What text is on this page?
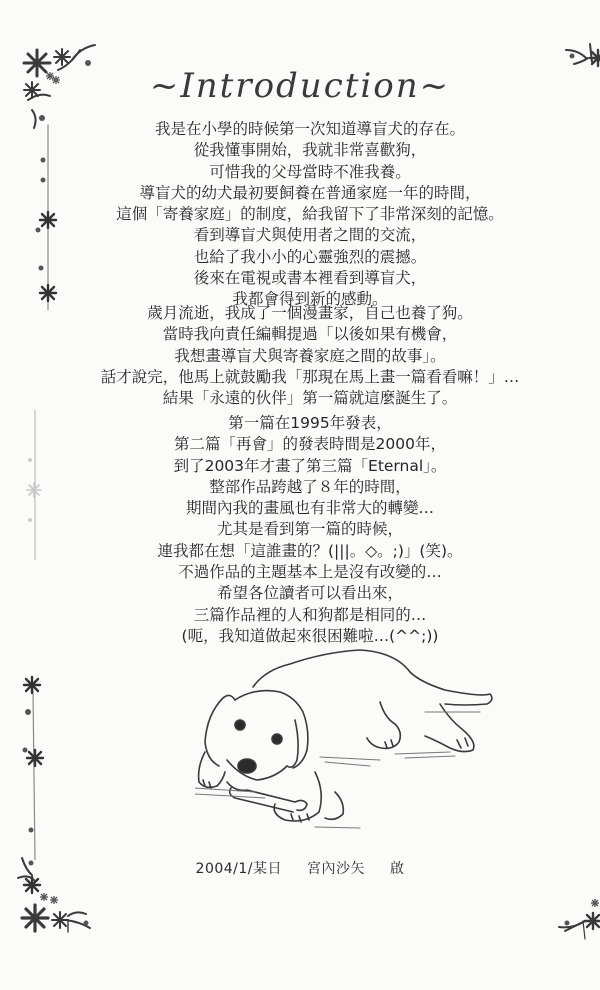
~Introduction~
我是在小學的時候第一次知道導盲犬的存在。
從我懂事開始，我就非常喜歡狗，
可惜我的父母當時不准我養。
導盲犬的幼犬最初要飼養在普通家庭一年的時間，
這個「寄養家庭」的制度，給我留下了非常深刻的記憶。
看到導盲犬與使用者之間的交流，
也給了我小小的心靈強烈的震撼。
後來在電視或書本裡看到導盲犬，
我都會得到新的感動。
歲月流逝，我成了一個漫畫家，自己也養了狗。
當時我向責任編輯提過「以後如果有機會，
我想畫導盲犬與寄養家庭之間的故事」。
話才說完，他馬上就鼓勵我「那現在馬上畫一篇看看嘛！」…
結果「永遠的伙伴」第一篇就這麼誕生了。
第一篇在1995年發表，
第二篇「再會」的發表時間是2000年，
到了2003年才畫了第三篇「Eternal」。
整部作品跨越了８年的時間，
期間內我的畫風也有非常大的轉變…
尤其是看到第一篇的時候，
連我都在想「這誰畫的？(|||。◇。;)」(笑)。
不過作品的主題基本上是沒有改變的…
希望各位讀者可以看出來，
三篇作品裡的人和狗都是相同的…
(呃，我知道做起來很困難啦…(^^;))
2004/1/某日 宮內沙矢 啟
